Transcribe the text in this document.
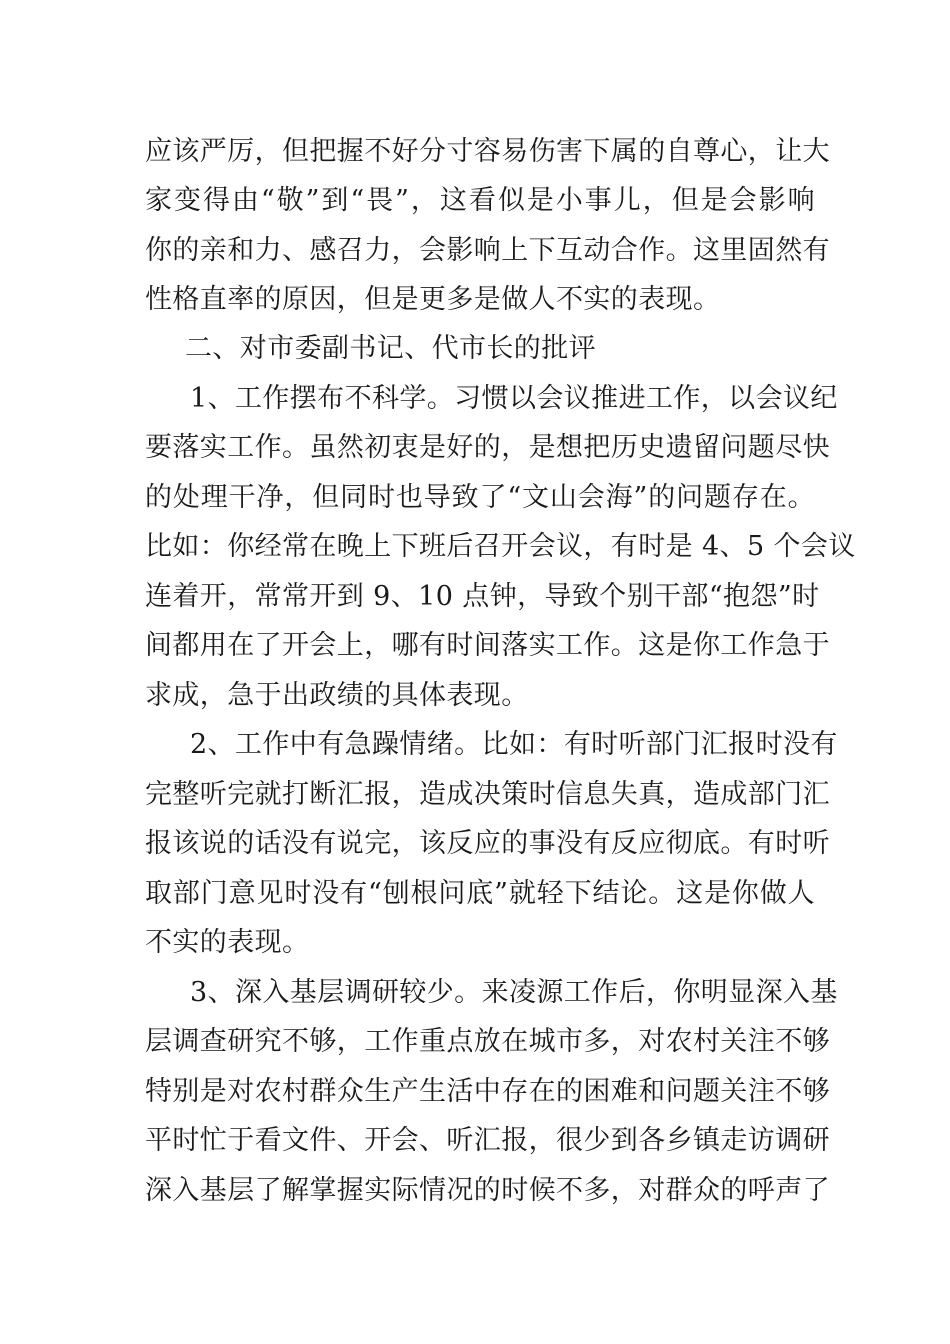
应该严厉，但把握不好分寸容易伤害下属的自尊心，让大
家变得由“敬”到“畏”，这看似是小事儿，但是会影响
你的亲和力、感召力，会影响上下互动合作。这里固然有
性格直率的原因，但是更多是做人不实的表现。
二、对市委副书记、代市长的批评
1、工作摆布不科学。习惯以会议推进工作，以会议纪
要落实工作。虽然初衷是好的，是想把历史遗留问题尽快
的处理干净，但同时也导致了“文山会海”的问题存在。
比如：你经常在晚上下班后召开会议，有时是 4、5 个会议
连着开，常常开到 9、10 点钟，导致个别干部“抱怨”时
间都用在了开会上，哪有时间落实工作。这是你工作急于
求成，急于出政绩的具体表现。
2、工作中有急躁情绪。比如：有时听部门汇报时没有
完整听完就打断汇报，造成决策时信息失真，造成部门汇
报该说的话没有说完，该反应的事没有反应彻底。有时听
取部门意见时没有“刨根问底”就轻下结论。这是你做人
不实的表现。
3、深入基层调研较少。来凌源工作后，你明显深入基
层调查研究不够，工作重点放在城市多，对农村关注不够
特别是对农村群众生产生活中存在的困难和问题关注不够
平时忙于看文件、开会、听汇报，很少到各乡镇走访调研
深入基层了解掌握实际情况的时候不多，对群众的呼声了
